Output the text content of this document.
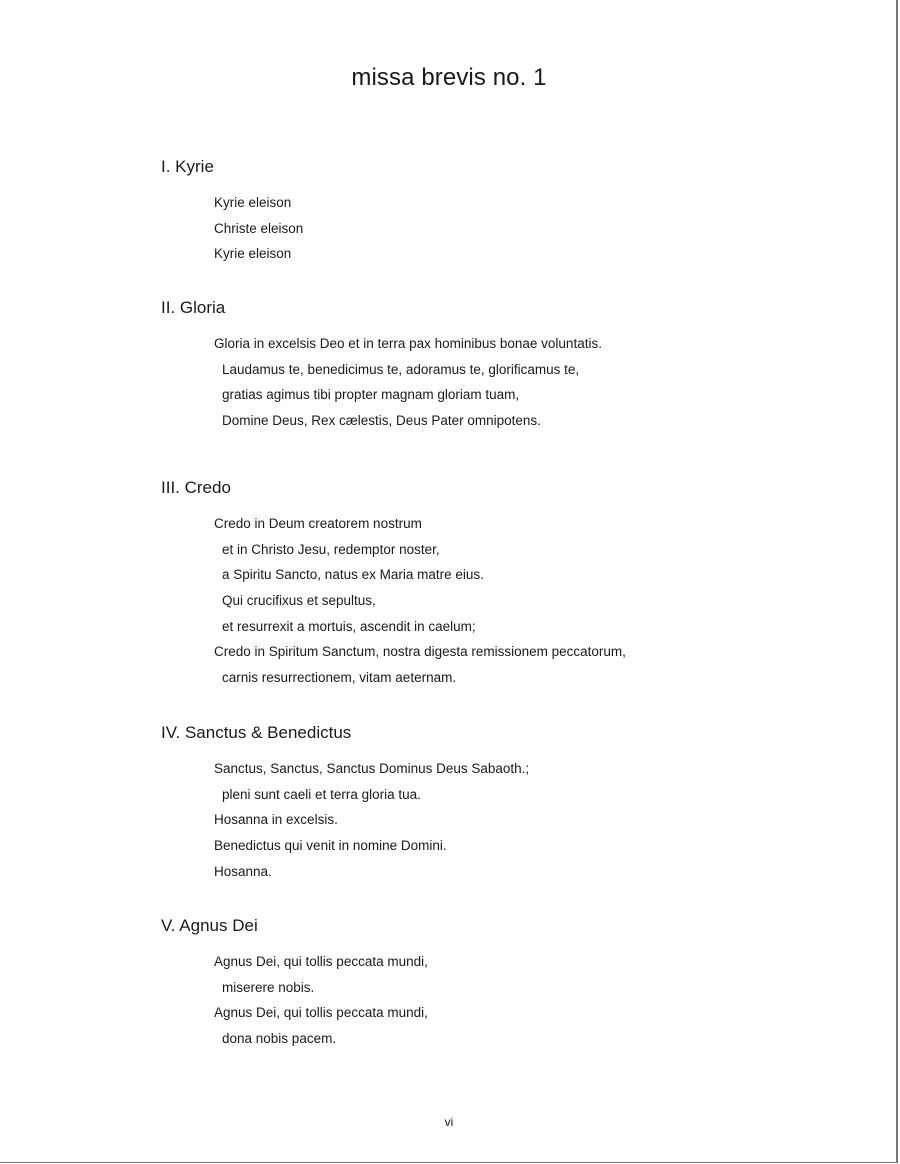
missa brevis no. 1
I. Kyrie
Kyrie eleison
Christe eleison
Kyrie eleison
II. Gloria
Gloria in excelsis Deo et in terra pax hominibus bonae voluntatis.
Laudamus te, benedicimus te, adoramus te, glorificamus te,
gratias agimus tibi propter magnam gloriam tuam,
Domine Deus, Rex cælestis, Deus Pater omnipotens.
III. Credo
Credo in Deum creatorem nostrum
et in Christo Jesu, redemptor noster,
a Spiritu Sancto, natus ex Maria matre eius.
Qui crucifixus et sepultus,
et resurrexit a mortuis, ascendit in caelum;
Credo in Spiritum Sanctum, nostra digesta remissionem peccatorum,
carnis resurrectionem, vitam aeternam.
IV. Sanctus & Benedictus
Sanctus, Sanctus, Sanctus Dominus Deus Sabaoth.;
pleni sunt caeli et terra gloria tua.
Hosanna in excelsis.
Benedictus qui venit in nomine Domini.
Hosanna.
V. Agnus Dei
Agnus Dei, qui tollis peccata mundi,
miserere nobis.
Agnus Dei, qui tollis peccata mundi,
dona nobis pacem.
vi
